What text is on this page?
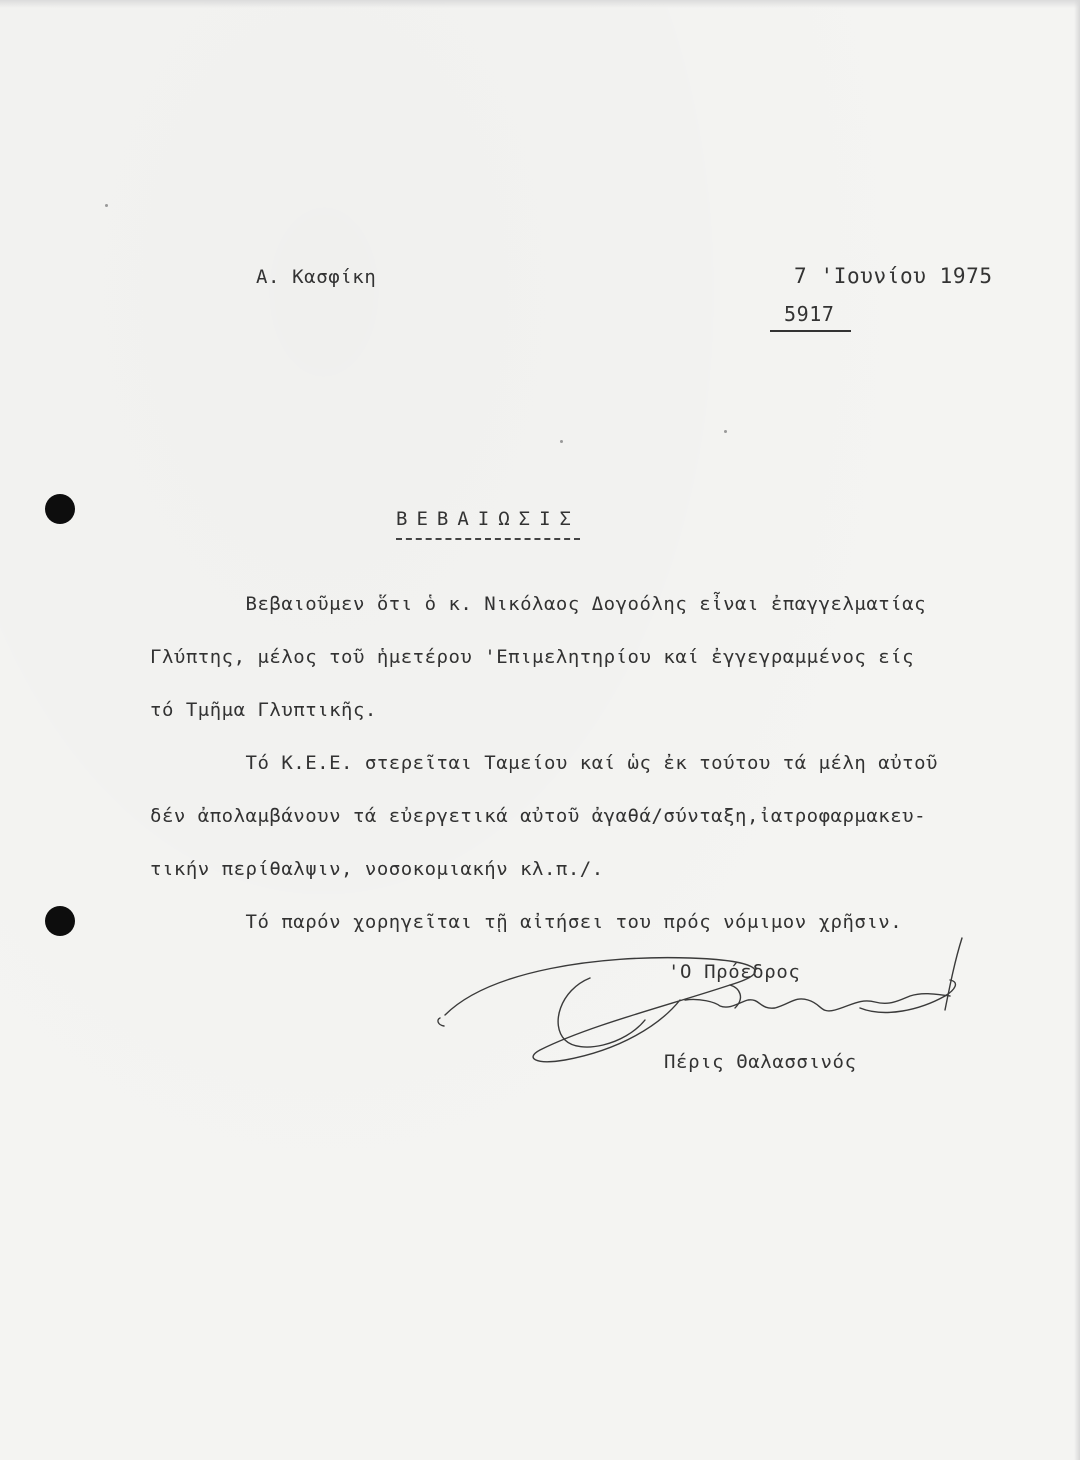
Α. Κασφίκη	7 'Ιουνίου 1975
5917
ΒΕΒΑΙΩΣΙΣ

Βεβαιοῦμεν ὅτι ὁ κ. Νικόλαος Δογοόλης εἶναι ἐπαγγελματίας

Γλύπτης, μέλος τοῦ ἡμετέρου 'Επιμελητηρίου καί ἐγγεγραμμένος είς

τό Τμῆμα Γλυπτικῆς.

Τό Κ.Ε.Ε. στερεῖται Ταμείου καί ὡς ἐκ τούτου τά μέλη αὐτοῦ

δέν ἀπολαμβάνουν τά εὐεργετικά αὐτοῦ ἀγαθά/σύνταξη,ἰατροφαρμακευ-

τικήν περίθαλψιν, νοσοκομιακήν κλ.π./.

Τό παρόν χορηγεῖται τῇ αἰτήσει του πρός νόμιμον χρῆσιν.

'Ο Πρόεδρος
Πέρις Θαλασσινός
